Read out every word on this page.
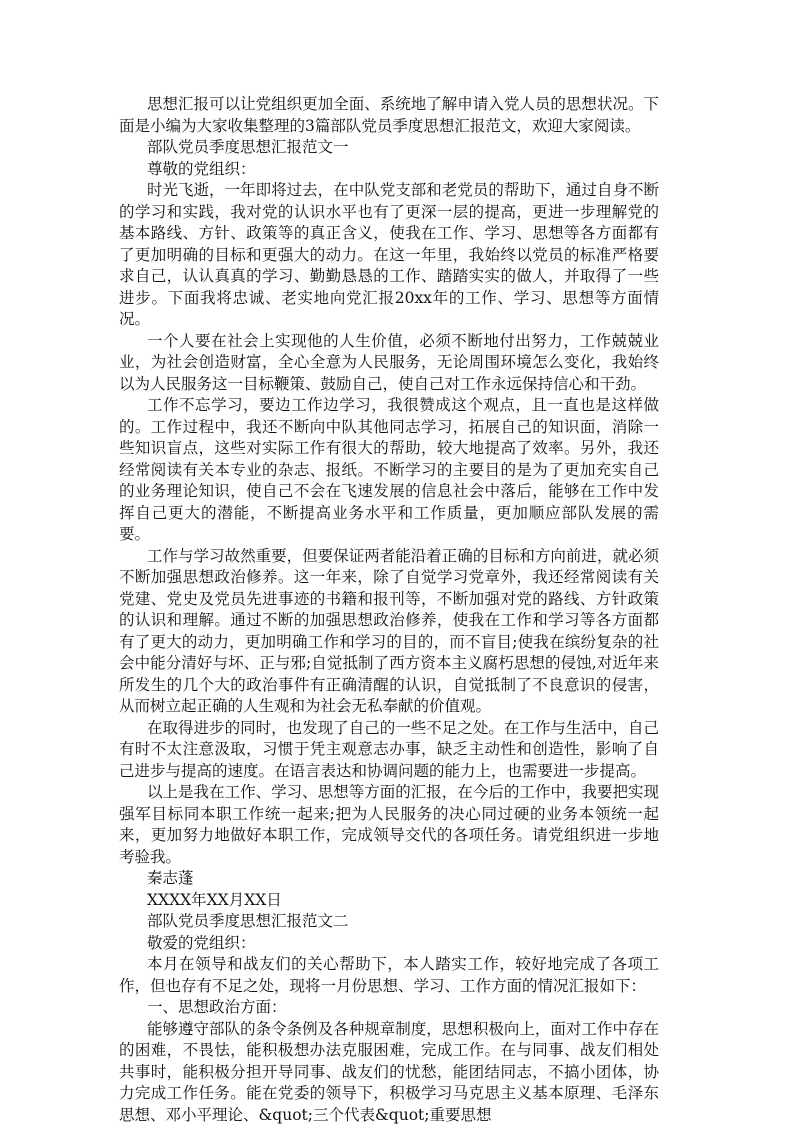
思想汇报可以让党组织更加全面、系统地了解申请入党人员的思想状况。下面是小编为大家收集整理的3篇部队党员季度思想汇报范文，欢迎大家阅读。

部队党员季度思想汇报范文一

尊敬的党组织：

时光飞逝，一年即将过去，在中队党支部和老党员的帮助下，通过自身不断的学习和实践，我对党的认识水平也有了更深一层的提高，更进一步理解党的基本路线、方针、政策等的真正含义，使我在工作、学习、思想等各方面都有了更加明确的目标和更强大的动力。在这一年里，我始终以党员的标准严格要求自己，认认真真的学习、勤勤恳恳的工作、踏踏实实的做人，并取得了一些进步。下面我将忠诚、老实地向党汇报20xx年的工作、学习、思想等方面情况。

一个人要在社会上实现他的人生价值，必须不断地付出努力，工作兢兢业业，为社会创造财富，全心全意为人民服务，无论周围环境怎么变化，我始终以为人民服务这一目标鞭策、鼓励自己，使自己对工作永远保持信心和干劲。

工作不忘学习，要边工作边学习，我很赞成这个观点，且一直也是这样做的。工作过程中，我还不断向中队其他同志学习，拓展自己的知识面，消除一些知识盲点，这些对实际工作有很大的帮助，较大地提高了效率。另外，我还经常阅读有关本专业的杂志、报纸。不断学习的主要目的是为了更加充实自己的业务理论知识，使自己不会在飞速发展的信息社会中落后，能够在工作中发挥自己更大的潜能，不断提高业务水平和工作质量，更加顺应部队发展的需要。

工作与学习故然重要，但要保证两者能沿着正确的目标和方向前进，就必须不断加强思想政治修养。这一年来，除了自觉学习党章外，我还经常阅读有关党建、党史及党员先进事迹的书籍和报刊等，不断加强对党的路线、方针政策的认识和理解。通过不断的加强思想政治修养，使我在工作和学习等各方面都有了更大的动力，更加明确工作和学习的目的，而不盲目;使我在缤纷复杂的社会中能分清好与坏、正与邪;自觉抵制了西方资本主义腐朽思想的侵蚀,对近年来所发生的几个大的政治事件有正确清醒的认识，自觉抵制了不良意识的侵害，从而树立起正确的人生观和为社会无私奉献的价值观。

在取得进步的同时，也发现了自己的一些不足之处。在工作与生活中，自己有时不太注意汲取，习惯于凭主观意志办事，缺乏主动性和创造性，影响了自己进步与提高的速度。在语言表达和协调问题的能力上，也需要进一步提高。

以上是我在工作、学习、思想等方面的汇报，在今后的工作中，我要把实现强军目标同本职工作统一起来;把为人民服务的决心同过硬的业务本领统一起来，更加努力地做好本职工作，完成领导交代的各项任务。请党组织进一步地考验我。

秦志蓬

XXXX年XX月XX日

部队党员季度思想汇报范文二

敬爱的党组织：

本月在领导和战友们的关心帮助下，本人踏实工作，较好地完成了各项工作，但也存有不足之处，现将一月份思想、学习、工作方面的情况汇报如下：

一、思想政治方面：

能够遵守部队的条令条例及各种规章制度，思想积极向上，面对工作中存在的困难，不畏怯，能积极想办法克服困难，完成工作。在与同事、战友们相处共事时，能积极分担开导同事、战友们的忧愁，能团结同志，不搞小团体，协力完成工作任务。能在党委的领导下，积极学习马克思主义基本原理、毛泽东思想、邓小平理论、&quot;三个代表&quot;重要思想
